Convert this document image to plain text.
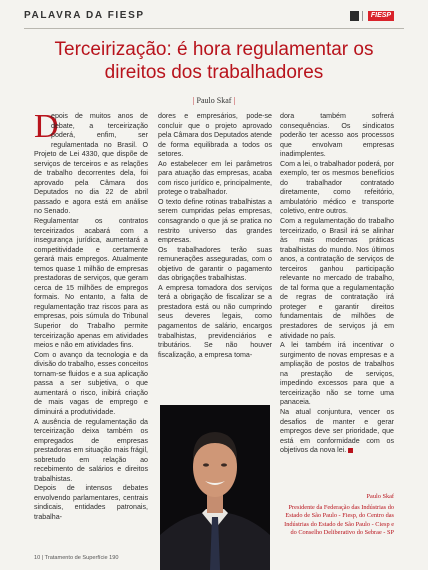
PALAVRA DA FIESP	FIESP
Terceirização: é hora regulamentar os direitos dos trabalhadores
| Paulo Skaf |

D
epois de muitos anos de debate, a terceirização poderá, enfim, ser regulamentada no Brasil. O Projeto de Lei 4330, que dispõe de serviços de terceiros e as relações de trabalho decorrentes dela, foi aprovado pela Câmara dos Deputados no dia 22 de abril passado e agora está em análise no Senado.

Regulamentar os contratos terceirizados acabará com a insegurança jurídica, aumentará a competitividade e certamente gerará mais empregos. Atualmente temos quase 1 milhão de empresas prestadoras de serviços, que geram cerca de 15 milhões de empregos formais. No entanto, a falta de regulamentação traz riscos para as empresas, pois súmula do Tribunal Superior do Trabalho permite terceirização apenas em atividades meios e não em atividades fins.

Com o avanço da tecnologia e da divisão do trabalho, esses conceitos tornam-se fluidos e a sua aplicação passa a ser subjetiva, o que aumentará o risco, inibirá criação de mais vagas de emprego e diminuirá a produtividade.

A ausência de regulamentação da terceirização deixa também os empregados de empresas prestadoras em situação mais frágil, sobretudo em relação ao recebimento de salários e direitos trabalhistas.

Depois de intensos debates envolvendo parlamentares, centrais sindicais, entidades patronais, trabalha-

dores e empresários, pode-se concluir que o projeto aprovado pela Câmara dos Deputados atende de forma equilibrada a todos os setores.

Ao estabelecer em lei parâmetros para atuação das empresas, acaba com risco jurídico e, principalmente, protege o trabalhador.

O texto define rotinas trabalhistas a serem cumpridas pelas empresas, consagrando o que já se pratica no restrito universo das grandes empresas.

Os trabalhadores terão suas remunerações asseguradas, com o objetivo de garantir o pagamento das obrigações trabalhistas.

A empresa tomadora dos serviços terá a obrigação de fiscalizar se a prestadora está ou não cumprindo seus deveres legais, como pagamentos de salário, encargos trabalhistas, previdenciários e tributários. Se não houver fiscalização, a empresa toma-

dora também sofrerá consequências. Os sindicatos poderão ter acesso aos processos que envolvam empresas inadimplentes.

Com a lei, o trabalhador poderá, por exemplo, ter os mesmos benefícios do trabalhador contratado diretamente, como refeitório, ambulatório médico e transporte coletivo, entre outros.

Com a regulamentação do trabalho terceirizado, o Brasil irá se alinhar às mais modernas práticas trabalhistas do mundo. Nos últimos anos, a contratação de serviços de terceiros ganhou participação relevante no mercado de trabalho, de tal forma que a regulamentação de regras de contratação irá proteger e garantir direitos fundamentais de milhões de prestadores de serviços já em atividade no país.

A lei também irá incentivar o surgimento de novas empresas e a ampliação de postos de trabalhos na prestação de serviços, impedindo excessos para que a terceirização não se torne uma panaceia.

Na atual conjuntura, vencer os desafios de manter e gerar empregos deve ser prioridade, que está em conformidade com os objetivos da nova lei.

Paulo Skaf
Presidente da Federação das Indústrias do Estado de São Paulo - Fiesp, do Centro das Indústrias do Estado de São Paulo - Ciesp e do Conselho Deliberativo do Sebrae - SP
10 | Tratamento de Superfície 190
